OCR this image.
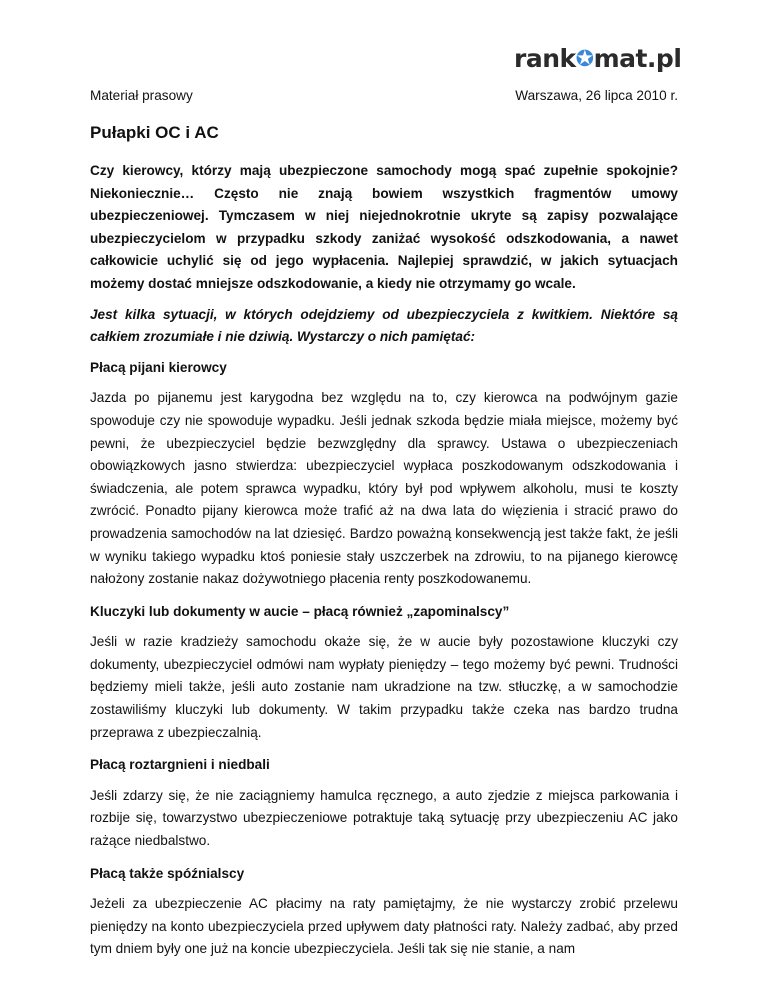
rank✪mat.pl
Materiał prasowy	Warszawa, 26 lipca 2010 r.
Pułapki OC i AC

Czy kierowcy, którzy mają ubezpieczone samochody mogą spać zupełnie spokojnie? Niekoniecznie… Często nie znają bowiem wszystkich fragmentów umowy ubezpieczeniowej. Tymczasem w niej niejednokrotnie ukryte są zapisy pozwalające ubezpieczycielom w przypadku szkody zaniżać wysokość odszkodowania, a nawet całkowicie uchylić się od jego wypłacenia. Najlepiej sprawdzić, w jakich sytuacjach możemy dostać mniejsze odszkodowanie, a kiedy nie otrzymamy go wcale.

Jest kilka sytuacji, w których odejdziemy od ubezpieczyciela z kwitkiem. Niektóre są całkiem zrozumiałe i nie dziwią. Wystarczy o nich pamiętać:

Płacą pijani kierowcy

Jazda po pijanemu jest karygodna bez względu na to, czy kierowca na podwójnym gazie spowoduje czy nie spowoduje wypadku. Jeśli jednak szkoda będzie miała miejsce, możemy być pewni, że ubezpieczyciel będzie bezwzględny dla sprawcy. Ustawa o ubezpieczeniach obowiązkowych jasno stwierdza: ubezpieczyciel wypłaca poszkodowanym odszkodowania i świadczenia, ale potem sprawca wypadku, który był pod wpływem alkoholu, musi te koszty zwrócić. Ponadto pijany kierowca może trafić aż na dwa lata do więzienia i stracić prawo do prowadzenia samochodów na lat dziesięć. Bardzo poważną konsekwencją jest także fakt, że jeśli w wyniku takiego wypadku ktoś poniesie stały uszczerbek na zdrowiu, to na pijanego kierowcę nałożony zostanie nakaz dożywotniego płacenia renty poszkodowanemu.

Kluczyki lub dokumenty w aucie – płacą również „zapominalscy”

Jeśli w razie kradzieży samochodu okaże się, że w aucie były pozostawione kluczyki czy dokumenty, ubezpieczyciel odmówi nam wypłaty pieniędzy – tego możemy być pewni. Trudności będziemy mieli także, jeśli auto zostanie nam ukradzione na tzw. stłuczkę, a w samochodzie zostawiliśmy kluczyki lub dokumenty. W takim przypadku także czeka nas bardzo trudna przeprawa z ubezpieczalnią.

Płacą roztargnieni i niedbali

Jeśli zdarzy się, że nie zaciągniemy hamulca ręcznego, a auto zjedzie z miejsca parkowania i rozbije się, towarzystwo ubezpieczeniowe potraktuje taką sytuację przy ubezpieczeniu AC jako rażące niedbalstwo.

Płacą także spóźnialscy

Jeżeli za ubezpieczenie AC płacimy na raty pamiętajmy, że nie wystarczy zrobić przelewu pieniędzy na konto ubezpieczyciela przed upływem daty płatności raty. Należy zadbać, aby przed tym dniem były one już na koncie ubezpieczyciela. Jeśli tak się nie stanie, a nam
